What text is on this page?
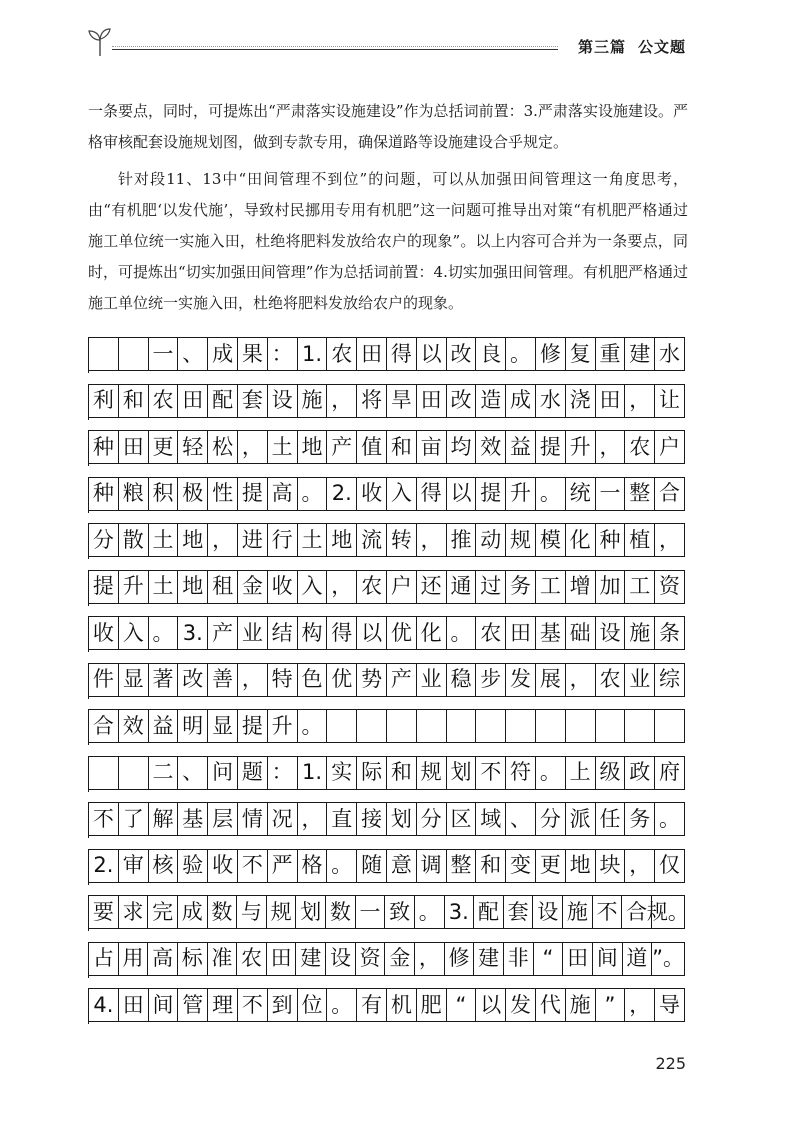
第三篇 公文题

一条要点，同时，可提炼出“严肃落实设施建设”作为总括词前置：3.严肃落实设施建设。严格审核配套设施规划图，做到专款专用，确保道路等设施建设合乎规定。

针对段11、13中“田间管理不到位”的问题，可以从加强田间管理这一角度思考，由“有机肥‘以发代施’，导致村民挪用专用有机肥”这一问题可推导出对策“有机肥严格通过施工单位统一实施入田，杜绝将肥料发放给农户的现象”。以上内容可合并为一条要点，同时，可提炼出“切实加强田间管理”作为总括词前置：4.切实加强田间管理。有机肥严格通过施工单位统一实施入田，杜绝将肥料发放给农户的现象。

一 、 成 果 ： 1. 农 田 得 以 改 良 。 修 复 重 建 水
利 和 农 田 配 套 设 施 ， 将 旱 田 改 造 成 水 浇 田 ， 让
种 田 更 轻 松 ， 土 地 产 值 和 亩 均 效 益 提 升 ， 农 户
种 粮 积 极 性 提 高 。 2. 收 入 得 以 提 升 。 统 一 整 合
分 散 土 地 ， 进 行 土 地 流 转 ， 推 动 规 模 化 种 植 ，
提 升 土 地 租 金 收 入 ， 农 户 还 通 过 务 工 增 加 工 资
收 入 。 3. 产 业 结 构 得 以 优 化 。 农 田 基 础 设 施 条
件 显 著 改 善 ， 特 色 优 势 产 业 稳 步 发 展 ， 农 业 综
合 效 益 明 显 提 升 。
二 、 问 题 ： 1. 实 际 和 规 划 不 符 。 上 级 政 府
不 了 解 基 层 情 况 ， 直 接 划 分 区 域 、 分 派 任 务 。
2. 审 核 验 收 不 严 格 。 随 意 调 整 和 变 更 地 块 ， 仅
要 求 完 成 数 与 规 划 数 一 致 。 3. 配 套 设 施 不 合 规。
占 用 高 标 准 农 田 建 设 资 金 ， 修 建 非 “ 田 间 道 ”。
4. 田 间 管 理 不 到 位 。 有 机 肥 “ 以 发 代 施 ” ， 导
225
